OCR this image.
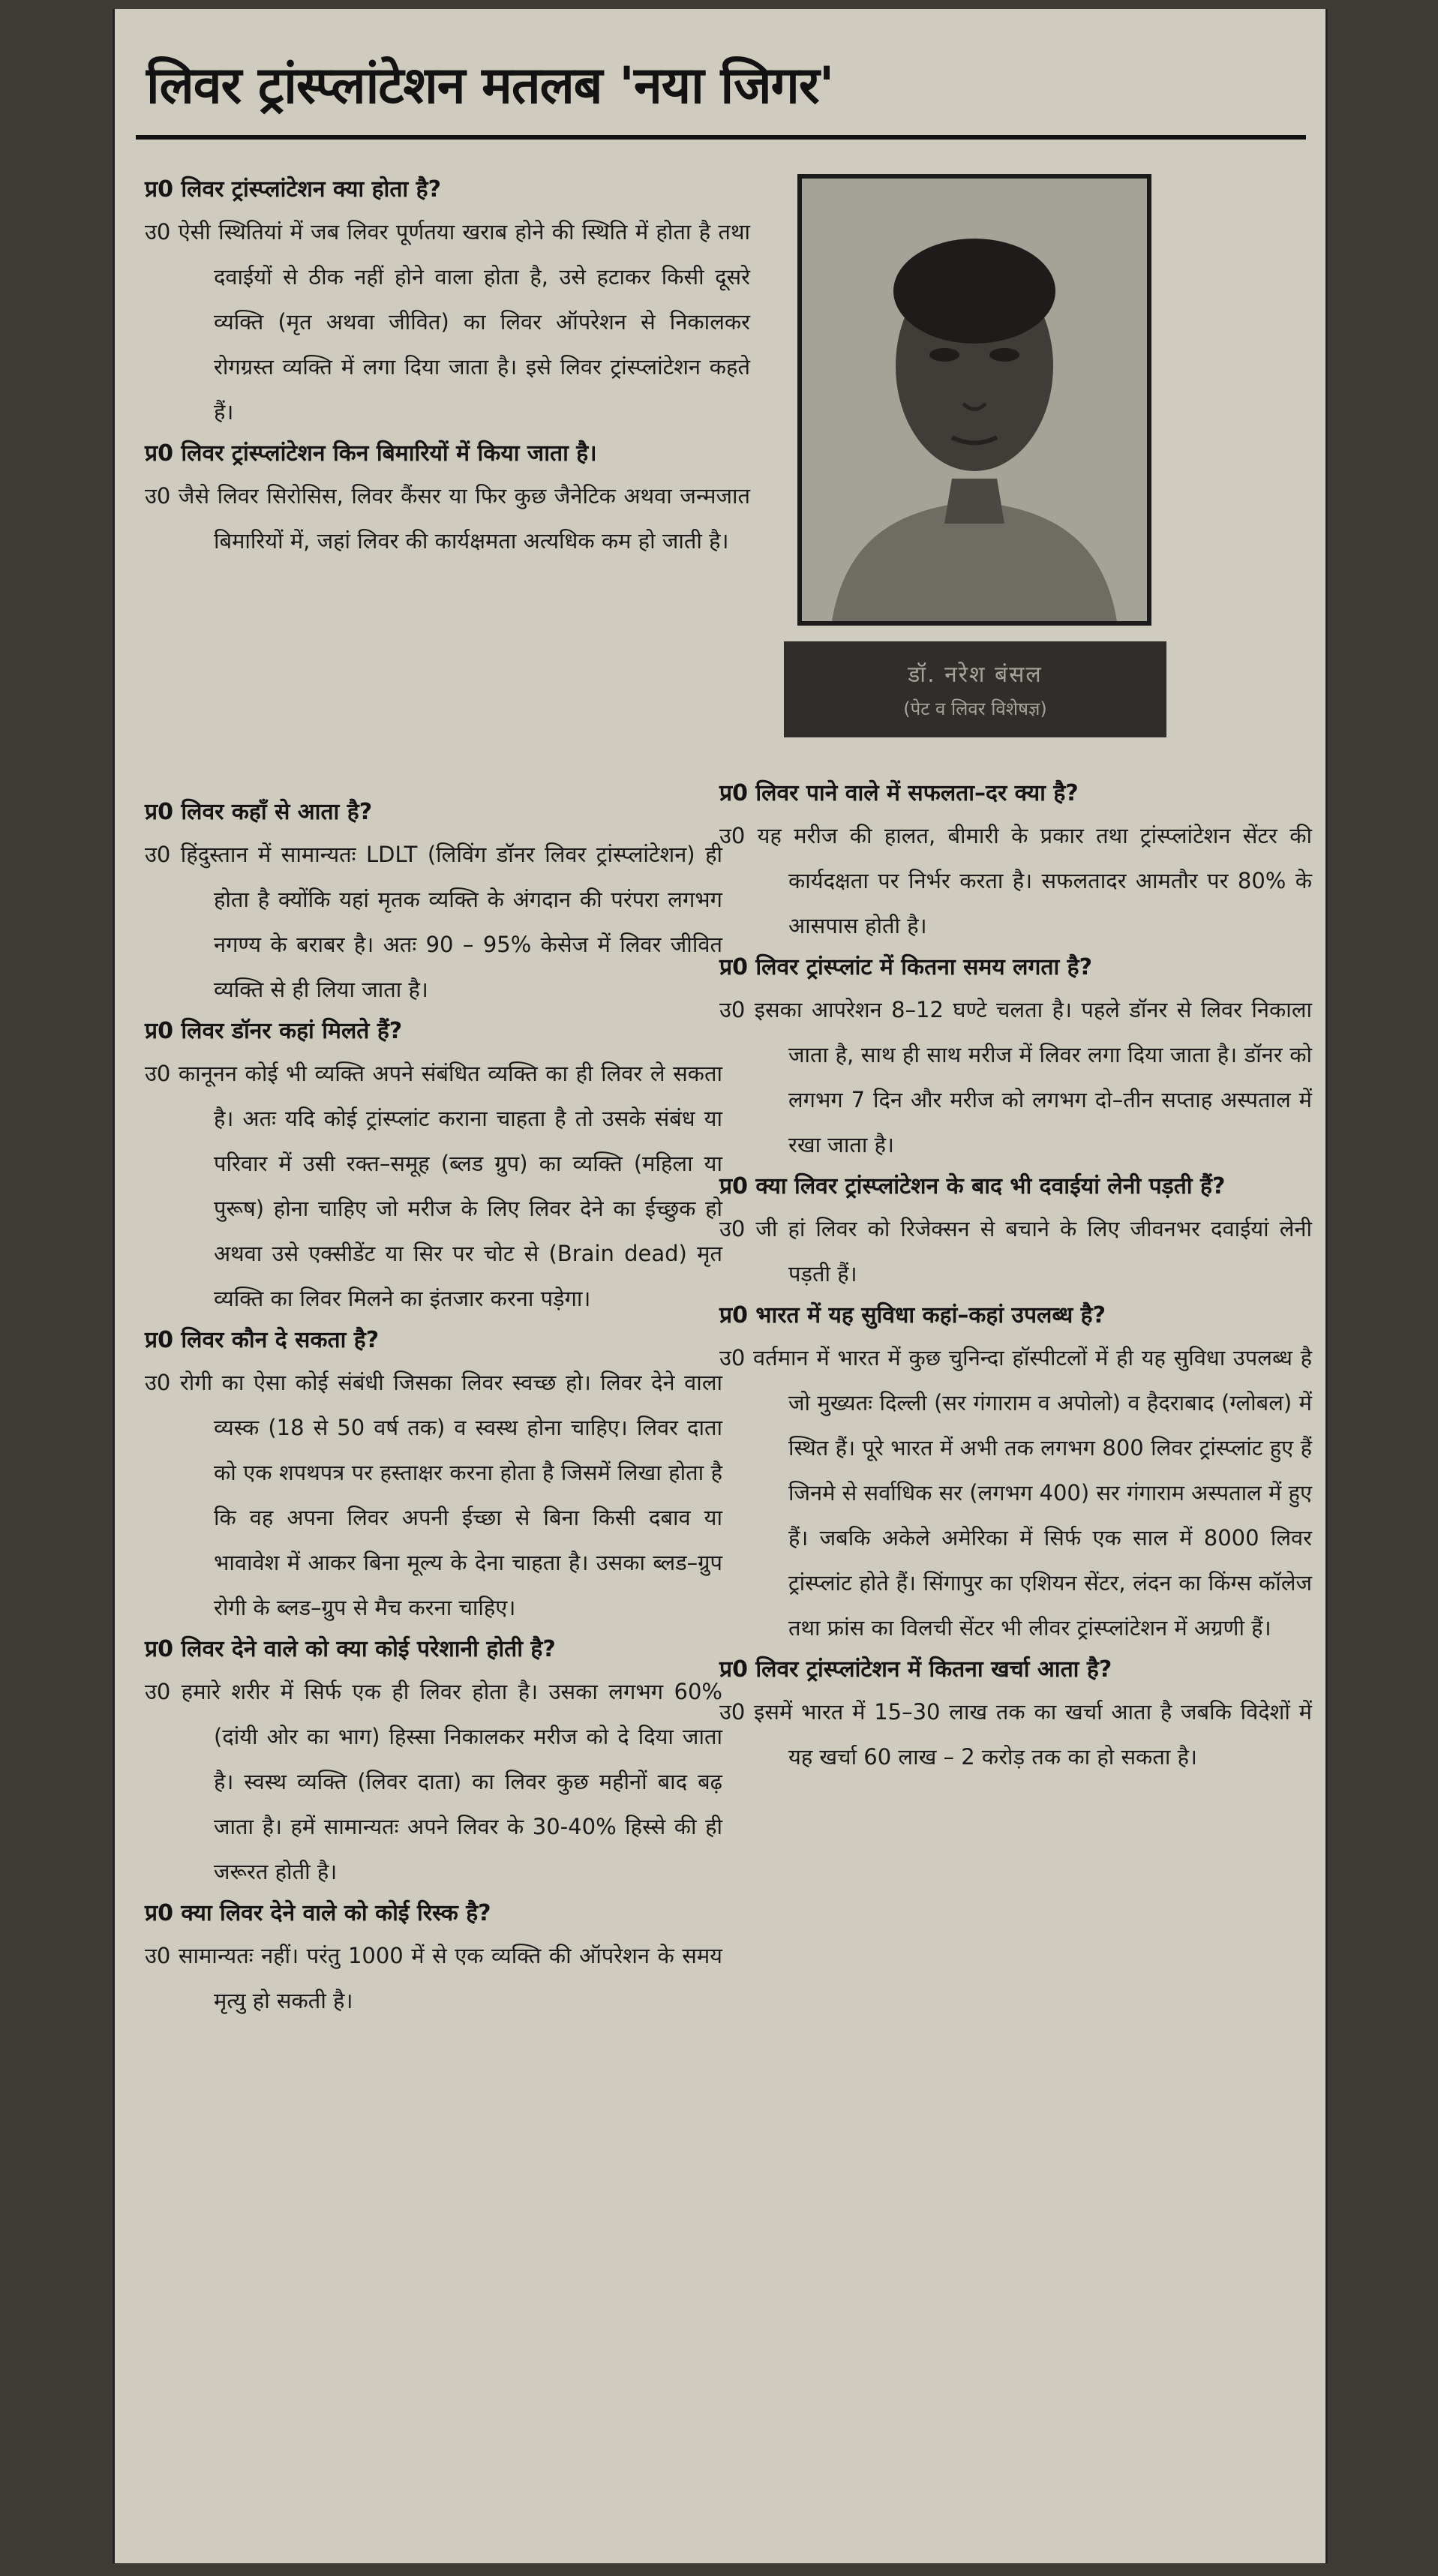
लिवर ट्रांस्प्लांटेशन मतलब 'नया जिगर'
प्र0 लिवर ट्रांस्प्लांटेशन क्या होता है?
उ0 ऐसी स्थितियां में जब लिवर पूर्णतया खराब होने की स्थिति में होता है तथा दवाईयों से ठीक नहीं होने वाला होता है, उसे हटाकर किसी दूसरे व्यक्ति (मृत अथवा जीवित) का लिवर ऑपरेशन से निकालकर रोगग्रस्त व्यक्ति में लगा दिया जाता है। इसे लिवर ट्रांस्प्लांटेशन कहते हैं।
प्र0 लिवर ट्रांस्प्लांटेशन किन बिमारियों में किया जाता है।
उ0 जैसे लिवर सिरोसिस, लिवर कैंसर या फिर कुछ जैनेटिक अथवा जन्मजात बिमारियों में, जहां लिवर की कार्यक्षमता अत्यधिक कम हो जाती है।
डॉ. नरेश बंसल
(पेट व लिवर विशेषज्ञ)
प्र0 लिवर कहाँ से आता है?
उ0 हिंदुस्तान में सामान्यतः LDLT (लिविंग डॉनर लिवर ट्रांस्प्लांटेशन) ही होता है क्योंकि यहां मृतक व्यक्ति के अंगदान की परंपरा लगभग नगण्य के बराबर है। अतः 90 – 95% केसेज में लिवर जीवित व्यक्ति से ही लिया जाता है।
प्र0 लिवर डॉनर कहां मिलते हैं?
उ0 कानूनन कोई भी व्यक्ति अपने संबंधित व्यक्ति का ही लिवर ले सकता है। अतः यदि कोई ट्रांस्प्लांट कराना चाहता है तो उसके संबंध या परिवार में उसी रक्त–समूह (ब्लड ग्रुप) का व्यक्ति (महिला या पुरूष) होना चाहिए जो मरीज के लिए लिवर देने का ईच्छुक हो अथवा उसे एक्सीडेंट या सिर पर चोट से (Brain dead) मृत व्यक्ति का लिवर मिलने का इंतजार करना पड़ेगा।
प्र0 लिवर कौन दे सकता है?
उ0 रोगी का ऐसा कोई संबंधी जिसका लिवर स्वच्छ हो। लिवर देने वाला व्यस्क (18 से 50 वर्ष तक) व स्वस्थ होना चाहिए। लिवर दाता को एक शपथपत्र पर हस्ताक्षर करना होता है जिसमें लिखा होता है कि वह अपना लिवर अपनी ईच्छा से बिना किसी दबाव या भावावेश में आकर बिना मूल्य के देना चाहता है। उसका ब्लड–ग्रुप रोगी के ब्लड–ग्रुप से मैच करना चाहिए।
प्र0 लिवर देने वाले को क्या कोई परेशानी होती है?
उ0 हमारे शरीर में सिर्फ एक ही लिवर होता है। उसका लगभग 60% (दांयी ओर का भाग) हिस्सा निकालकर मरीज को दे दिया जाता है। स्वस्थ व्यक्ति (लिवर दाता) का लिवर कुछ महीनों बाद बढ़ जाता है। हमें सामान्यतः अपने लिवर के 30-40% हिस्से की ही जरूरत होती है।
प्र0 क्या लिवर देने वाले को कोई रिस्क है?
उ0 सामान्यतः नहीं। परंतु 1000 में से एक व्यक्ति की ऑपरेशन के समय मृत्यु हो सकती है।
प्र0 लिवर पाने वाले में सफलता–दर क्या है?
उ0 यह मरीज की हालत, बीमारी के प्रकार तथा ट्रांस्प्लांटेशन सेंटर की कार्यदक्षता पर निर्भर करता है। सफलतादर आमतौर पर 80% के आसपास होती है।
प्र0 लिवर ट्रांस्प्लांट में कितना समय लगता है?
उ0 इसका आपरेशन 8–12 घण्टे चलता है। पहले डॉनर से लिवर निकाला जाता है, साथ ही साथ मरीज में लिवर लगा दिया जाता है। डॉनर को लगभग 7 दिन और मरीज को लगभग दो–तीन सप्ताह अस्पताल में रखा जाता है।
प्र0 क्या लिवर ट्रांस्प्लांटेशन के बाद भी दवाईयां लेनी पड़ती हैं?
उ0 जी हां लिवर को रिजेक्सन से बचाने के लिए जीवनभर दवाईयां लेनी पड़ती हैं।
प्र0 भारत में यह सुविधा कहां–कहां उपलब्ध है?
उ0 वर्तमान में भारत में कुछ चुनिन्दा हॉस्पीटलों में ही यह सुविधा उपलब्ध है जो मुख्यतः दिल्ली (सर गंगाराम व अपोलो) व हैदराबाद (ग्लोबल) में स्थित हैं। पूरे भारत में अभी तक लगभग 800 लिवर ट्रांस्प्लांट हुए हैं जिनमे से सर्वाधिक सर (लगभग 400) सर गंगाराम अस्पताल में हुए हैं। जबकि अकेले अमेरिका में सिर्फ एक साल में 8000 लिवर ट्रांस्प्लांट होते हैं। सिंगापुर का एशियन सेंटर, लंदन का किंग्स कॉलेज तथा फ्रांस का विलची सेंटर भी लीवर ट्रांस्प्लांटेशन में अग्रणी हैं।
प्र0 लिवर ट्रांस्प्लांटेशन में कितना खर्चा आता है?
उ0 इसमें भारत में 15–30 लाख तक का खर्चा आता है जबकि विदेशों में यह खर्चा 60 लाख – 2 करोड़ तक का हो सकता है।
